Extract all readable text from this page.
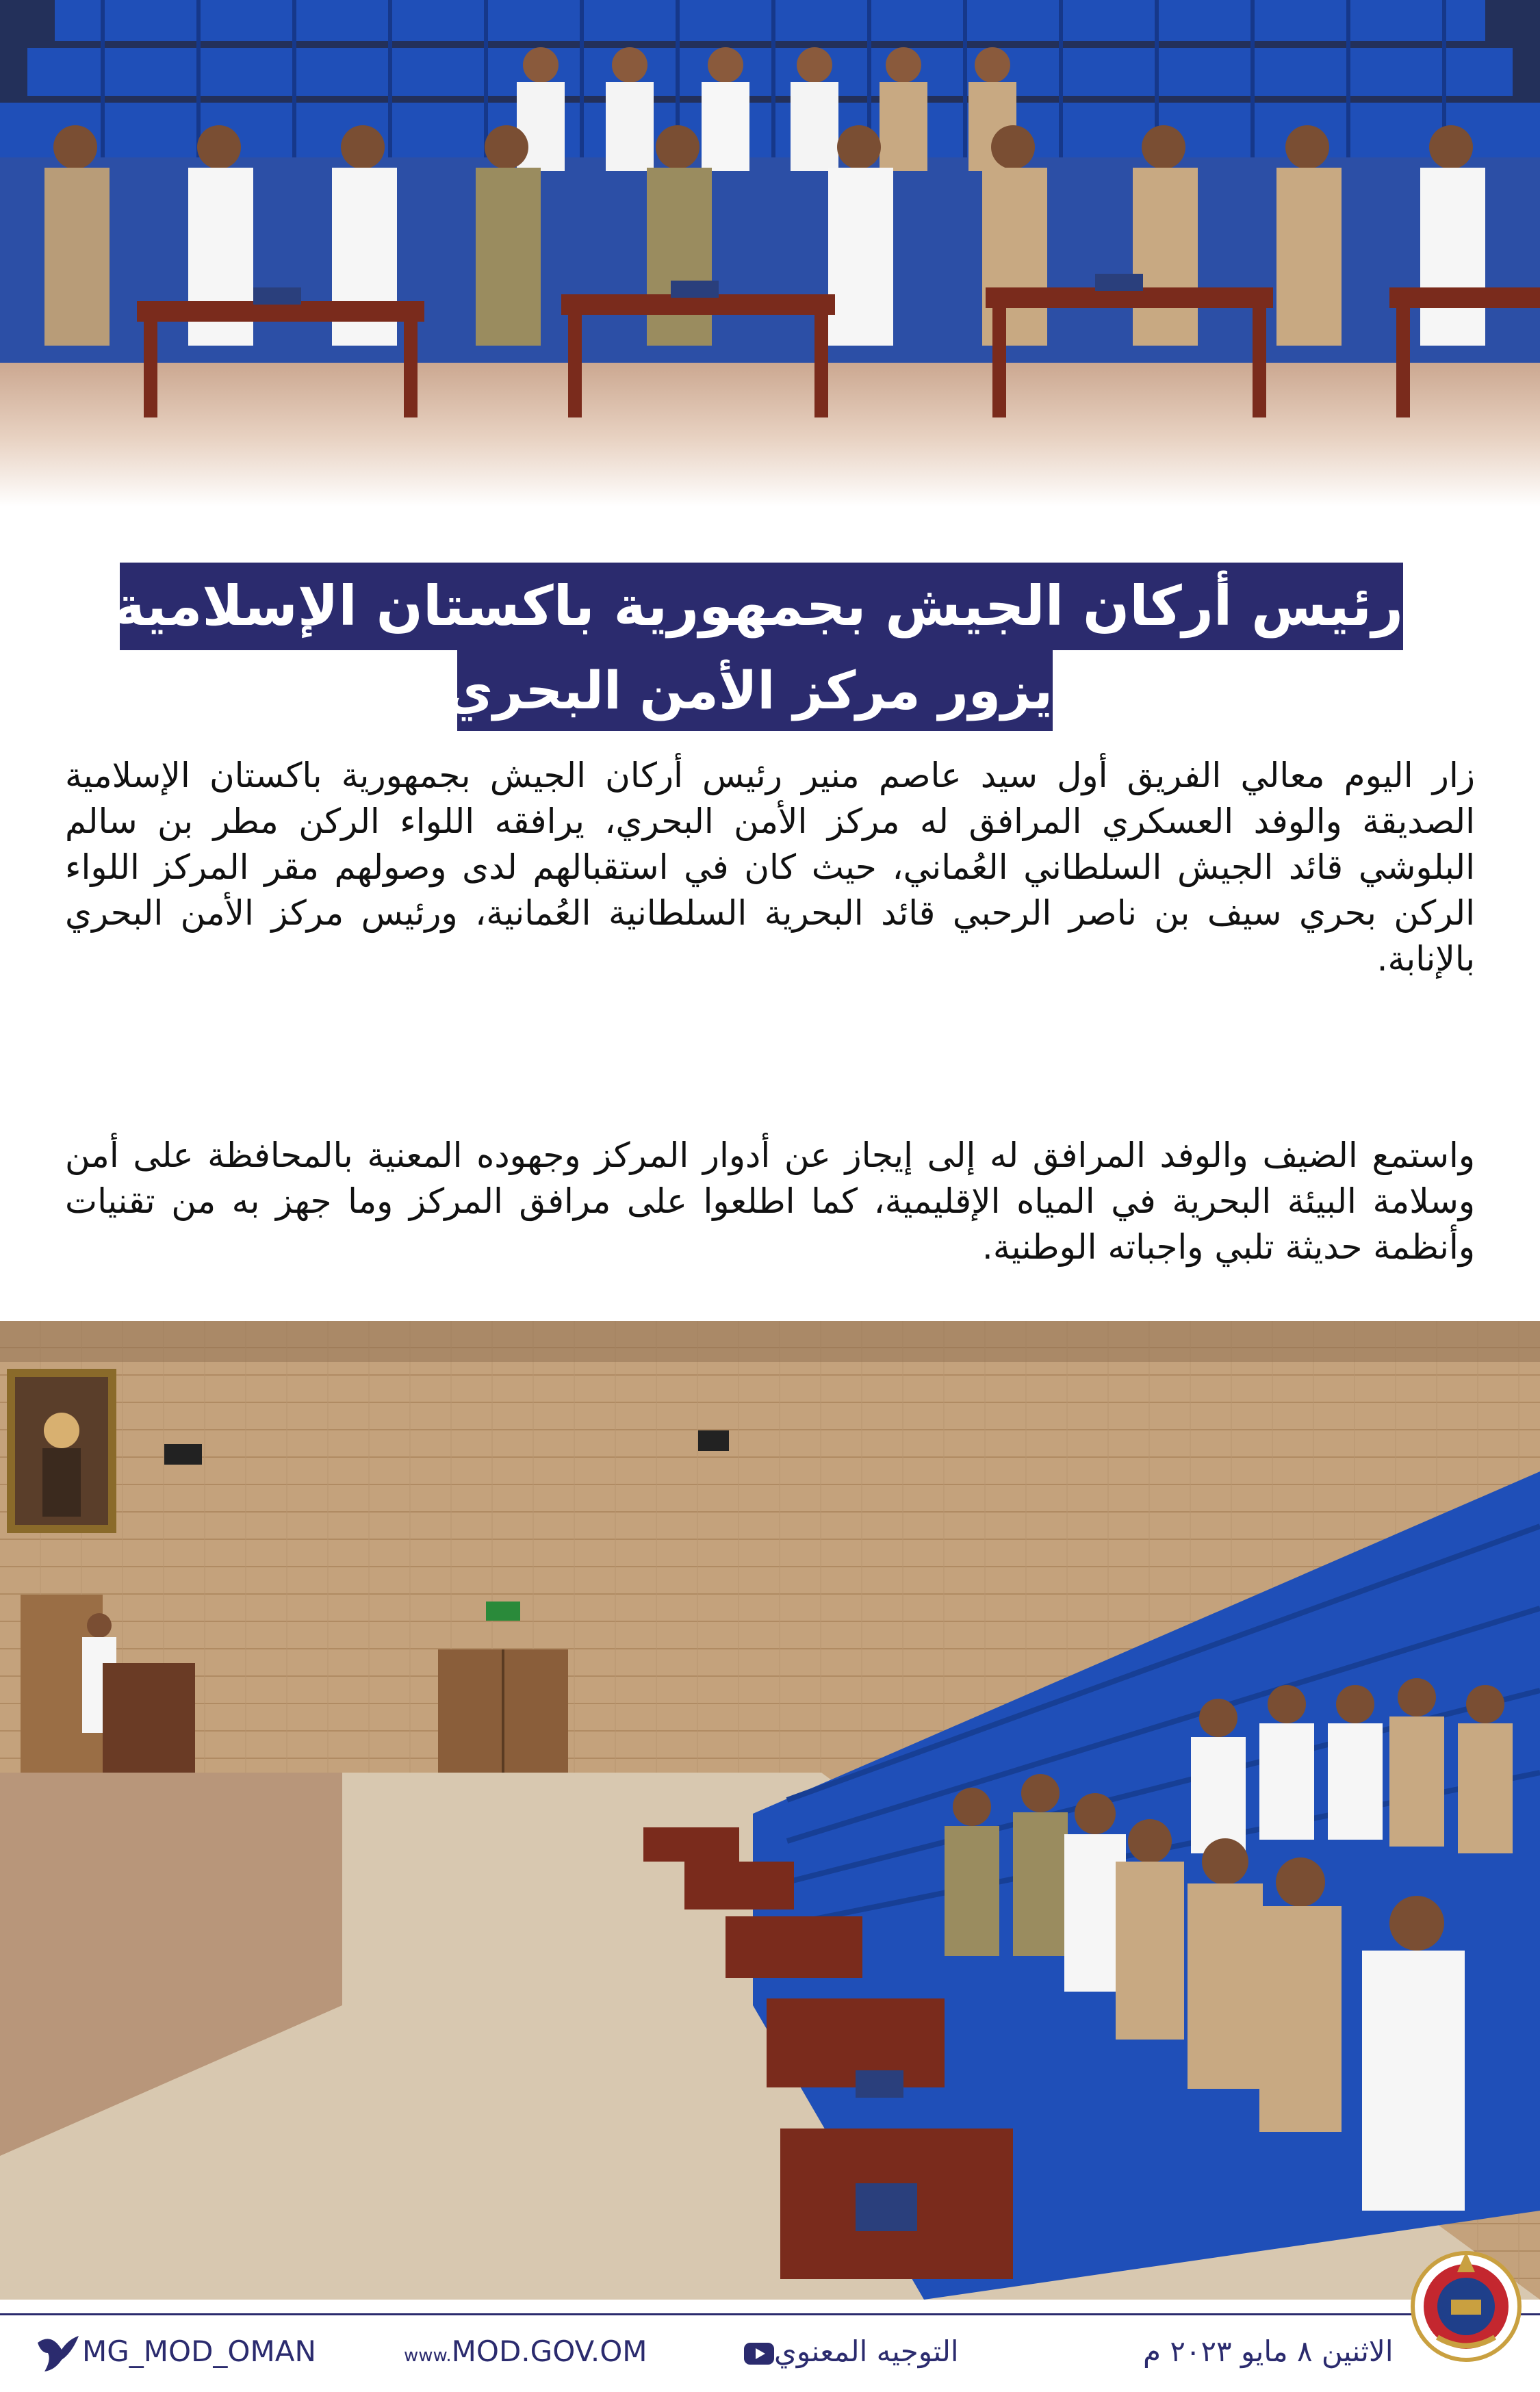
رئيس أركان الجيش بجمهورية باكستان الإسلامية
يزور مركز الأمن البحري
زار اليوم معالي الفريق أول سيد عاصم منير رئيس أركان الجيش بجمهورية باكستان الإسلامية الصديقة والوفد العسكري المرافق له مركز الأمن البحري، يرافقه اللواء الركن مطر بن سالم البلوشي قائد الجيش السلطاني العُماني، حيث كان في استقبالهم لدى وصولهم مقر المركز اللواء الركن بحري سيف بن ناصر الرحبي قائد البحرية السلطانية العُمانية، ورئيس مركز الأمن البحري بالإنابة.
واستمع الضيف والوفد المرافق له إلى إيجاز عن أدوار المركز وجهوده المعنية بالمحافظة على أمن وسلامة البيئة البحرية في المياه الإقليمية، كما اطلعوا على مرافق المركز وما جهز به من تقنيات وأنظمة حديثة تلبي واجباته الوطنية.
MG_MOD_OMAN	www.MOD.GOV.OM	التوجيه المعنوي	الاثنين ٨ مايو ٢٠٢٣ م
